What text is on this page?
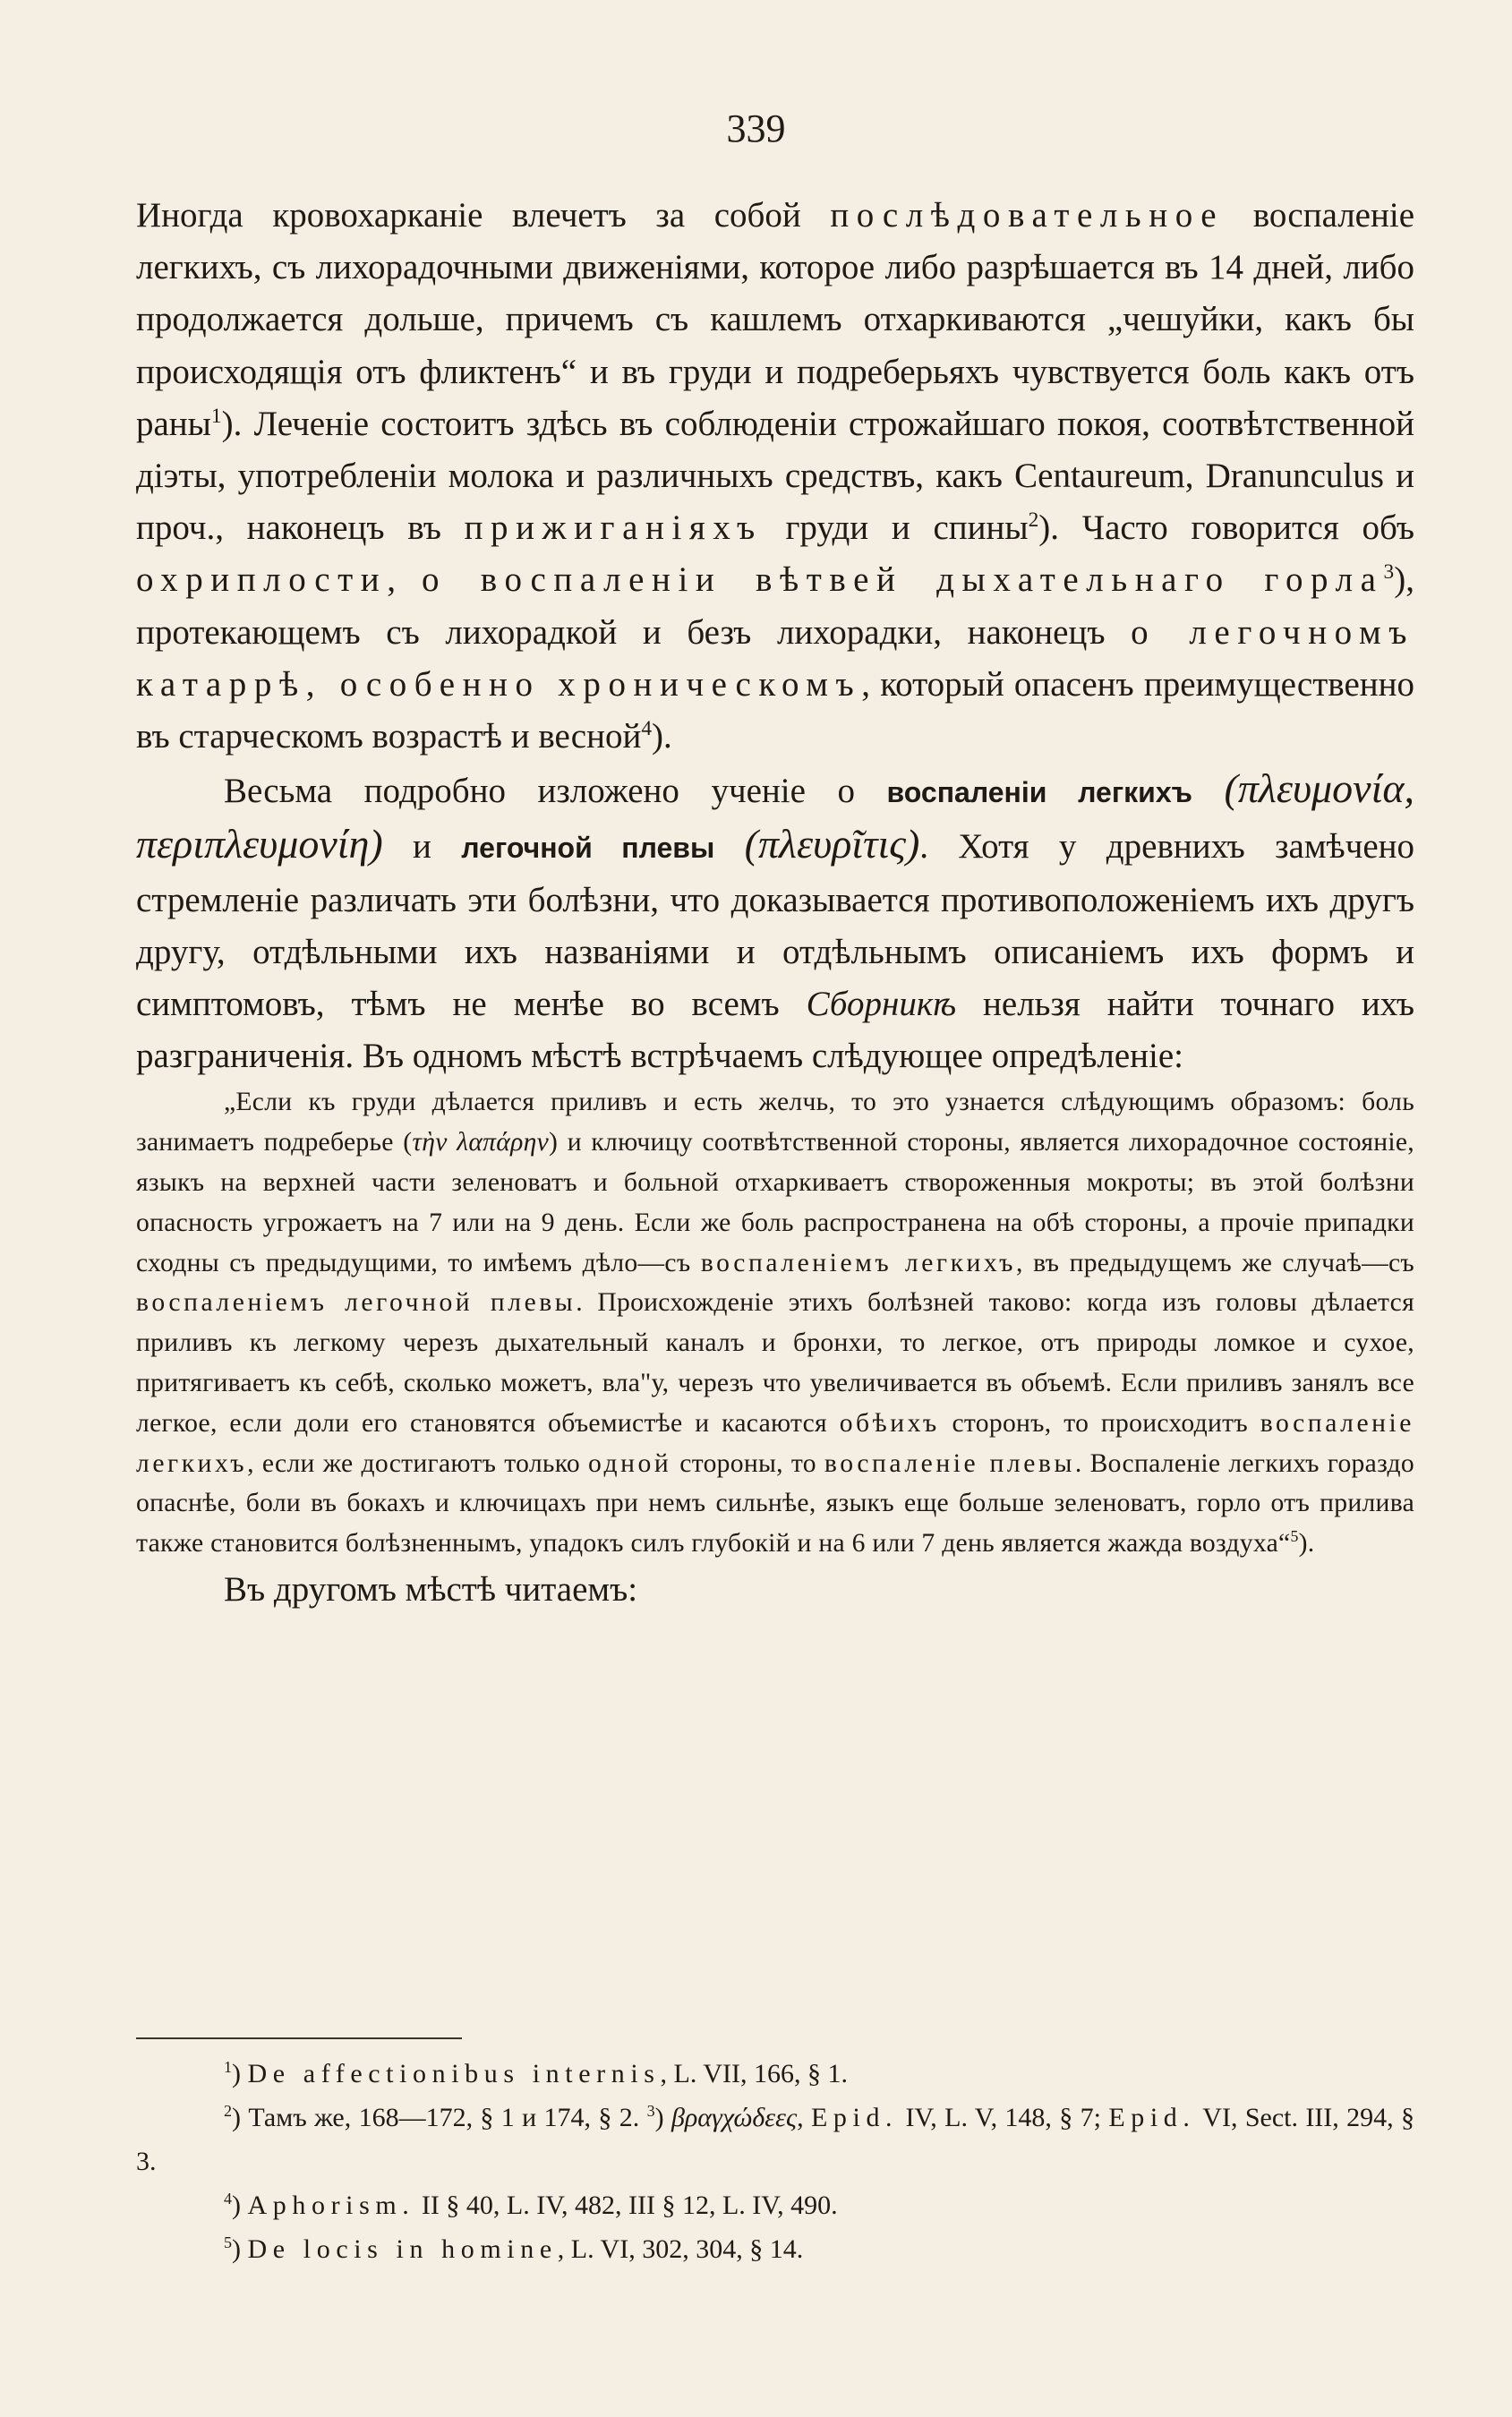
339

Иногда кровохарканіе влечетъ за собой послѣдовательное воспаленіе легкихъ, съ лихорадочными движеніями, которое либо разрѣшается въ 14 дней, либо продолжается дольше, причемъ съ кашлемъ отхаркиваются „чешуйки, какъ бы происходящія отъ фликтенъ“ и въ груди и подреберьяхъ чувствуется боль какъ отъ раны$^1$). Леченіе состоитъ здѣсь въ соблюденіи строжайшаго покоя, соотвѣтственной діэты, употребленіи молока и различныхъ средствъ, какъ Centaureum, Dranunculus и проч., наконецъ въ прижиганіяхъ груди и спины$^2$). Часто говорится объ охриплости, о воспаленіи вѣтвей дыхательнаго горла$^3$), протекающемъ съ лихорадкой и безъ лихорадки, наконецъ о легочномъ катаррѣ, особенно хроническомъ, который опасенъ преимущественно въ старческомъ возрастѣ и весной$^4$).

Весьма подробно изложено ученіе о воспаленіи легкихъ (πλευμονία, περιπλευμονίη) и легочной плевы (πλευρῖτις). Хотя у древнихъ замѣчено стремленіе различать эти болѣзни, что доказывается противоположеніемъ ихъ другъ другу, отдѣльными ихъ названіями и отдѣльнымъ описаніемъ ихъ формъ и симптомовъ, тѣмъ не менѣе во всемъ Сборникѣ нельзя найти точнаго ихъ разграниченія. Въ одномъ мѣстѣ встрѣчаемъ слѣдующее опредѣленіе:

„Если къ груди дѣлается приливъ и есть желчь, то это узнается слѣдующимъ образомъ: боль занимаетъ подреберье (τὴν λαπάρην) и ключицу соотвѣтственной стороны, является лихорадочное состояніе, языкъ на верхней части зеленоватъ и больной отхаркиваетъ створоженныя мокроты; въ этой болѣзни опасность угрожаетъ на 7 или на 9 день. Если же боль распространена на обѣ стороны, а прочіе припадки сходны съ предыдущими, то имѣемъ дѣло—съ воспаленіемъ легкихъ, въ предыдущемъ же случаѣ—съ воспаленіемъ легочной плевы. Происхожденіе этихъ болѣзней таково: когда изъ головы дѣлается приливъ къ легкому черезъ дыхательный каналъ и бронхи, то легкое, отъ природы ломкое и сухое, притягиваетъ къ себѣ, сколько можетъ, вла"у, черезъ что увеличивается въ объемѣ. Если приливъ занялъ все легкое, если доли его становятся объемистѣе и касаются обѣихъ сторонъ, то происходитъ воспаленіе легкихъ, если же достигаютъ только одной стороны, то воспаленіе плевы. Воспаленіе легкихъ гораздо опаснѣе, боли въ бокахъ и ключицахъ при немъ сильнѣе, языкъ еще больше зеленоватъ, горло отъ прилива также становится болѣзненнымъ, упадокъ силъ глубокій и на 6 или 7 день является жажда воздуха“$^5$).

Въ другомъ мѣстѣ читаемъ:

$^1$) De affectionibus internis, L. VII, 166, § 1.

$^2$) Тамъ же, 168—172, § 1 и 174, § 2. $^3$) βραγχώδεες, Epid. IV, L. V, 148, § 7; Epid. VI, Sect. III, 294, § 3.

$^4$) Aphorism. II § 40, L. IV, 482, III § 12, L. IV, 490.

$^5$) De locis in homine, L. VI, 302, 304, § 14.
